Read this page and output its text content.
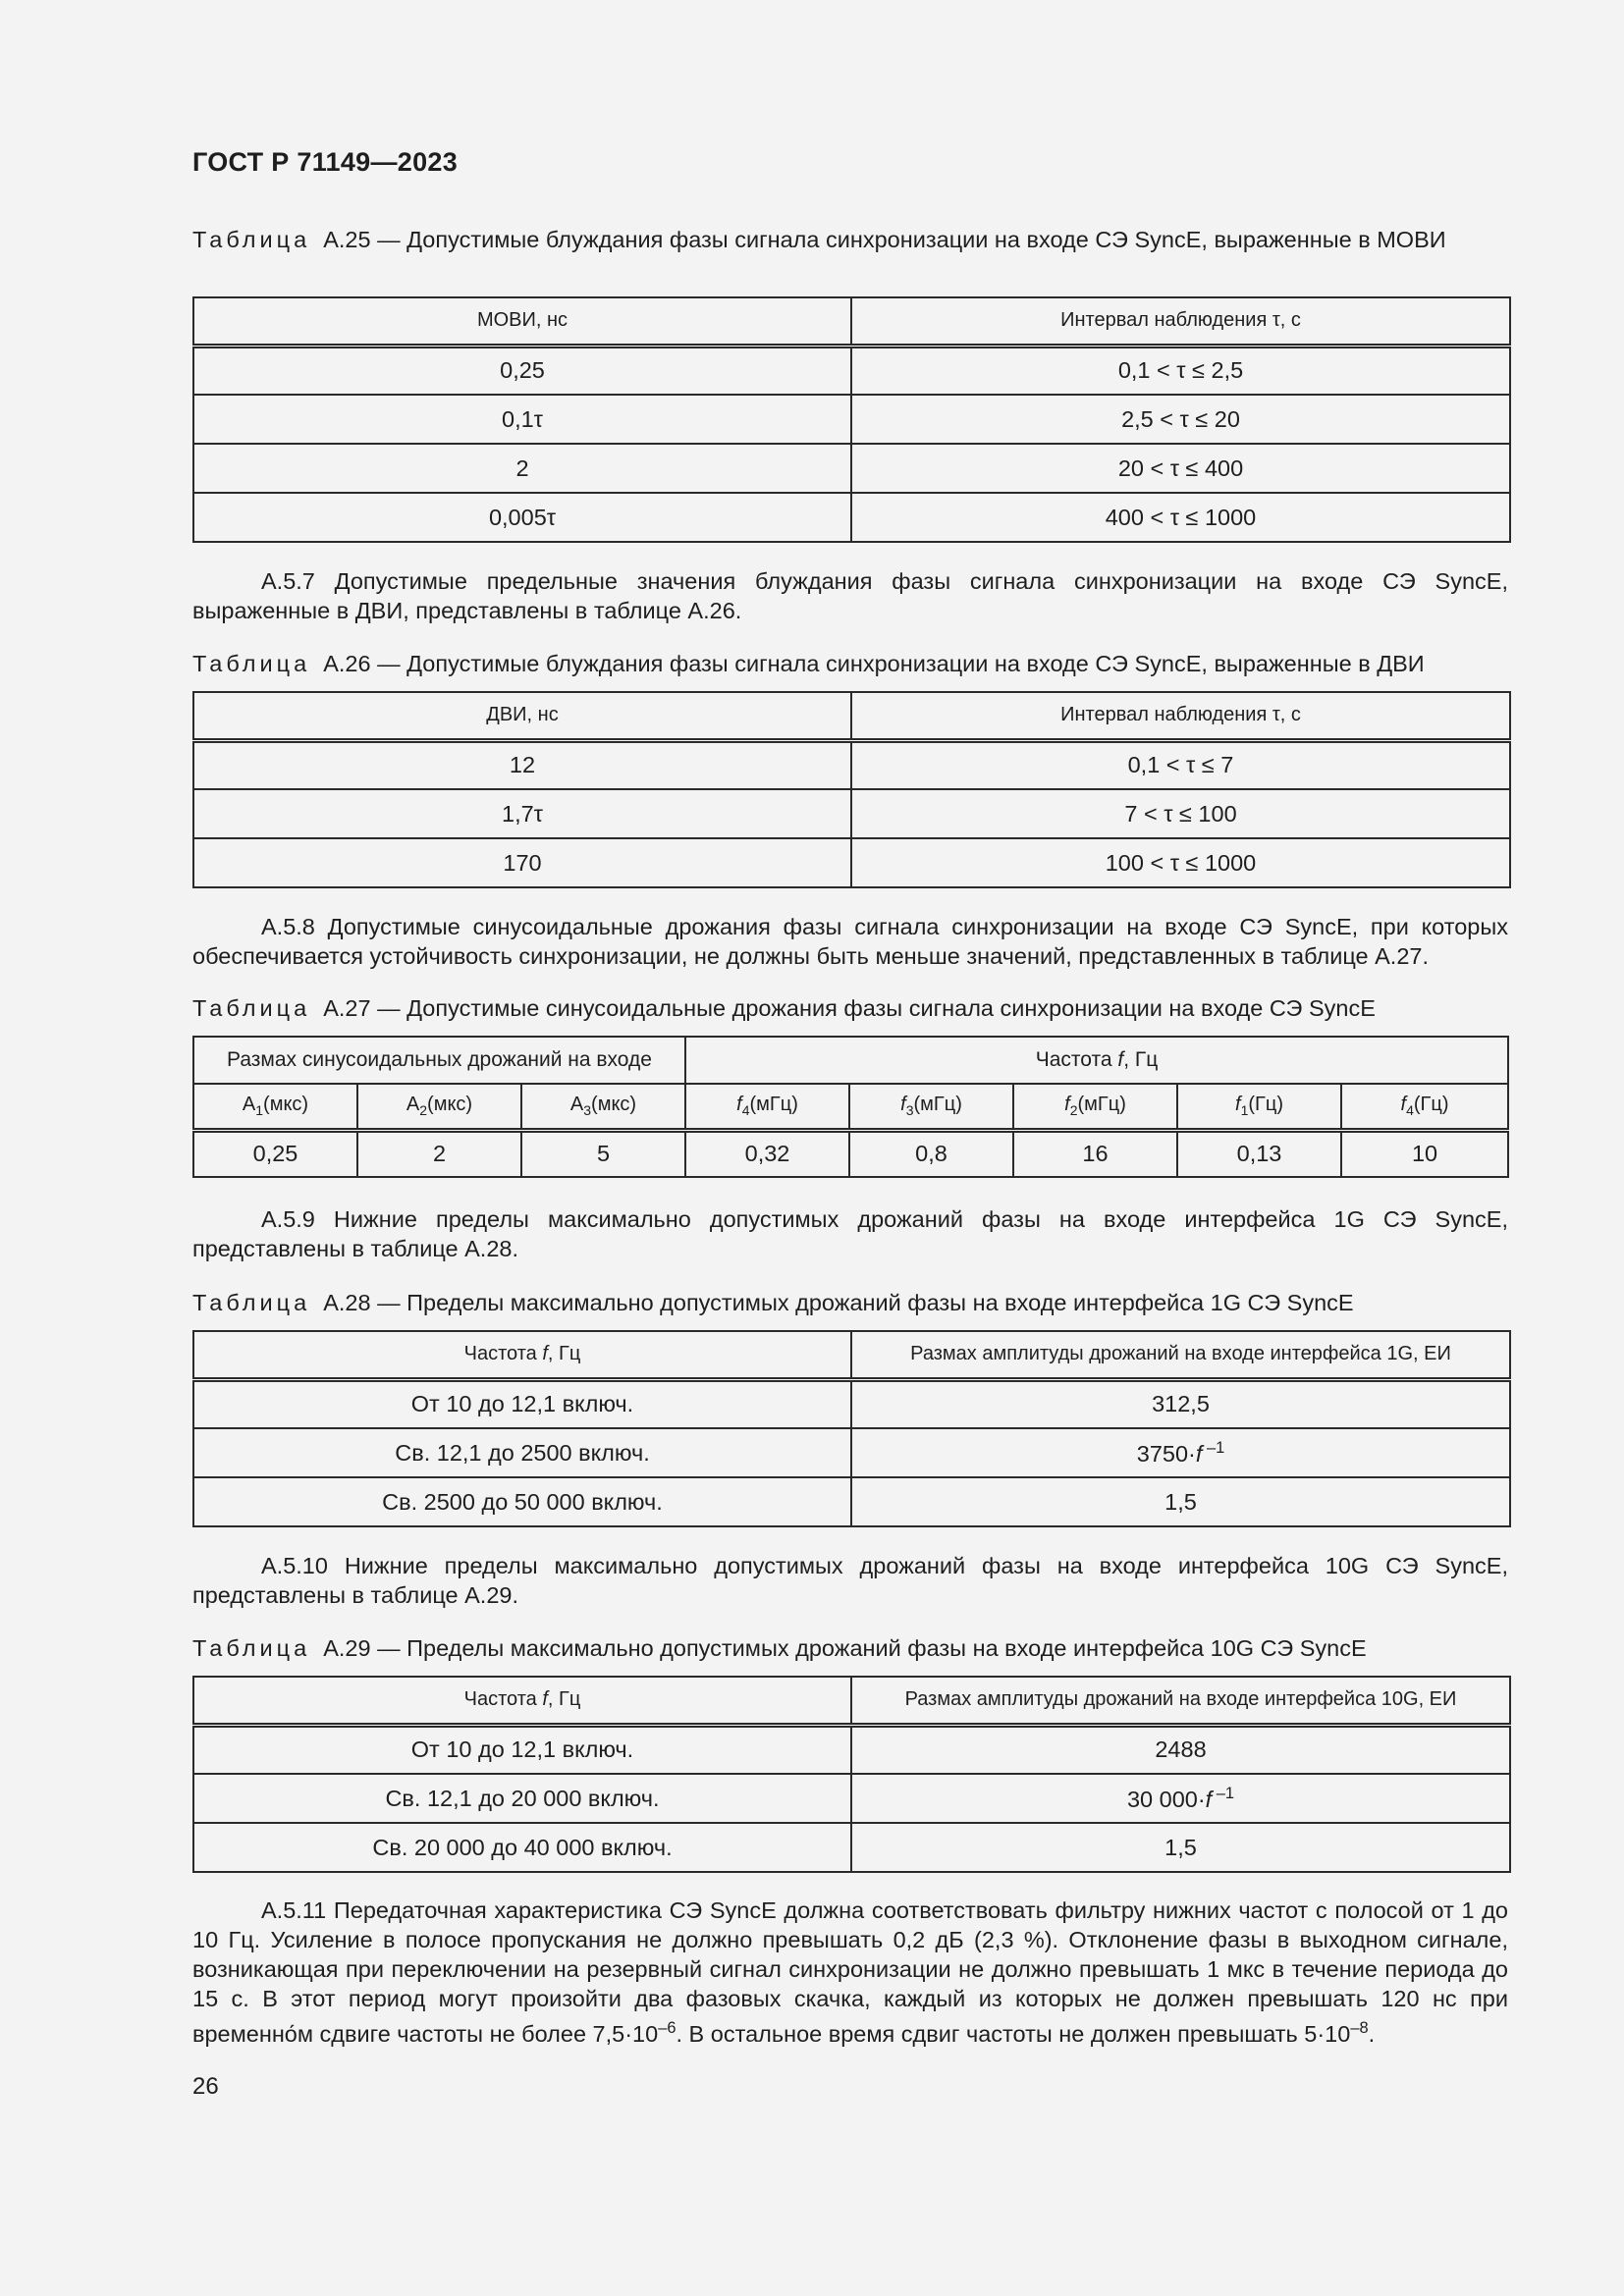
ГОСТ Р 71149—2023
Таблица А.25 — Допустимые блуждания фазы сигнала синхронизации на входе СЭ SyncE, выраженные в МОВИ
МОВИ, нс	Интервал наблюдения τ, с
0,25	0,1 < τ ≤ 2,5
0,1τ	2,5 < τ ≤ 20
2	20 < τ ≤ 400
0,005τ	400 < τ ≤ 1000
А.5.7 Допустимые предельные значения блуждания фазы сигнала синхронизации на входе СЭ SyncE, выраженные в ДВИ, представлены в таблице А.26.
Таблица А.26 — Допустимые блуждания фазы сигнала синхронизации на входе СЭ SyncE, выраженные в ДВИ
ДВИ, нс	Интервал наблюдения τ, с
12	0,1 < τ ≤ 7
1,7τ	7 < τ ≤ 100
170	100 < τ ≤ 1000
А.5.8 Допустимые синусоидальные дрожания фазы сигнала синхронизации на входе СЭ SyncE, при которых обеспечивается устойчивость синхронизации, не должны быть меньше значений, представленных в таблице А.27.
Таблица А.27 — Допустимые синусоидальные дрожания фазы сигнала синхронизации на входе СЭ SyncE
Размах синусоидальных дрожаний на входе			Частота f, Гц				
$A_1(мкс)$	$A_2(мкс)$	$A_3(мкс)$	$f_4(мГц)$	$f_3(мГц)$	$f_2(мГц)$	$f_1(Гц)$	$f_4(Гц)$
0,25	2	5	0,32	0,8	16	0,13	10
А.5.9 Нижние пределы максимально допустимых дрожаний фазы на входе интерфейса 1G СЭ SyncE, представлены в таблице А.28.
Таблица А.28 — Пределы максимально допустимых дрожаний фазы на входе интерфейса 1G СЭ SyncE
Частота f, Гц	Размах амплитуды дрожаний на входе интерфейса 1G, ЕИ
От 10 до 12,1 включ.	312,5
Св. 12,1 до 2500 включ.	3750·f $^{-1}$
Св. 2500 до 50 000 включ.	1,5
А.5.10 Нижние пределы максимально допустимых дрожаний фазы на входе интерфейса 10G СЭ SyncE, представлены в таблице А.29.
Таблица А.29 — Пределы максимально допустимых дрожаний фазы на входе интерфейса 10G СЭ SyncE
Частота f, Гц	Размах амплитуды дрожаний на входе интерфейса 10G, ЕИ
От 10 до 12,1 включ.	2488
Св. 12,1 до 20 000 включ.	30 000·f $^{-1}$
Св. 20 000 до 40 000 включ.	1,5
А.5.11 Передаточная характеристика СЭ SyncE должна соответствовать фильтру нижних частот с полосой от 1 до 10 Гц. Усиление в полосе пропускания не должно превышать 0,2 дБ (2,3 %). Отклонение фазы в выходном сигнале, возникающая при переключении на резервный сигнал синхронизации не должно превышать 1 мкс в течение периода до 15 с. В этот период могут произойти два фазовых скачка, каждый из которых не должен превышать 120 нс при временно́м сдвиге частоты не более $7,5\cdot 10^{-6}$. В остальное время сдвиг частоты не должен превышать $5\cdot 10^{-8}$.
26
